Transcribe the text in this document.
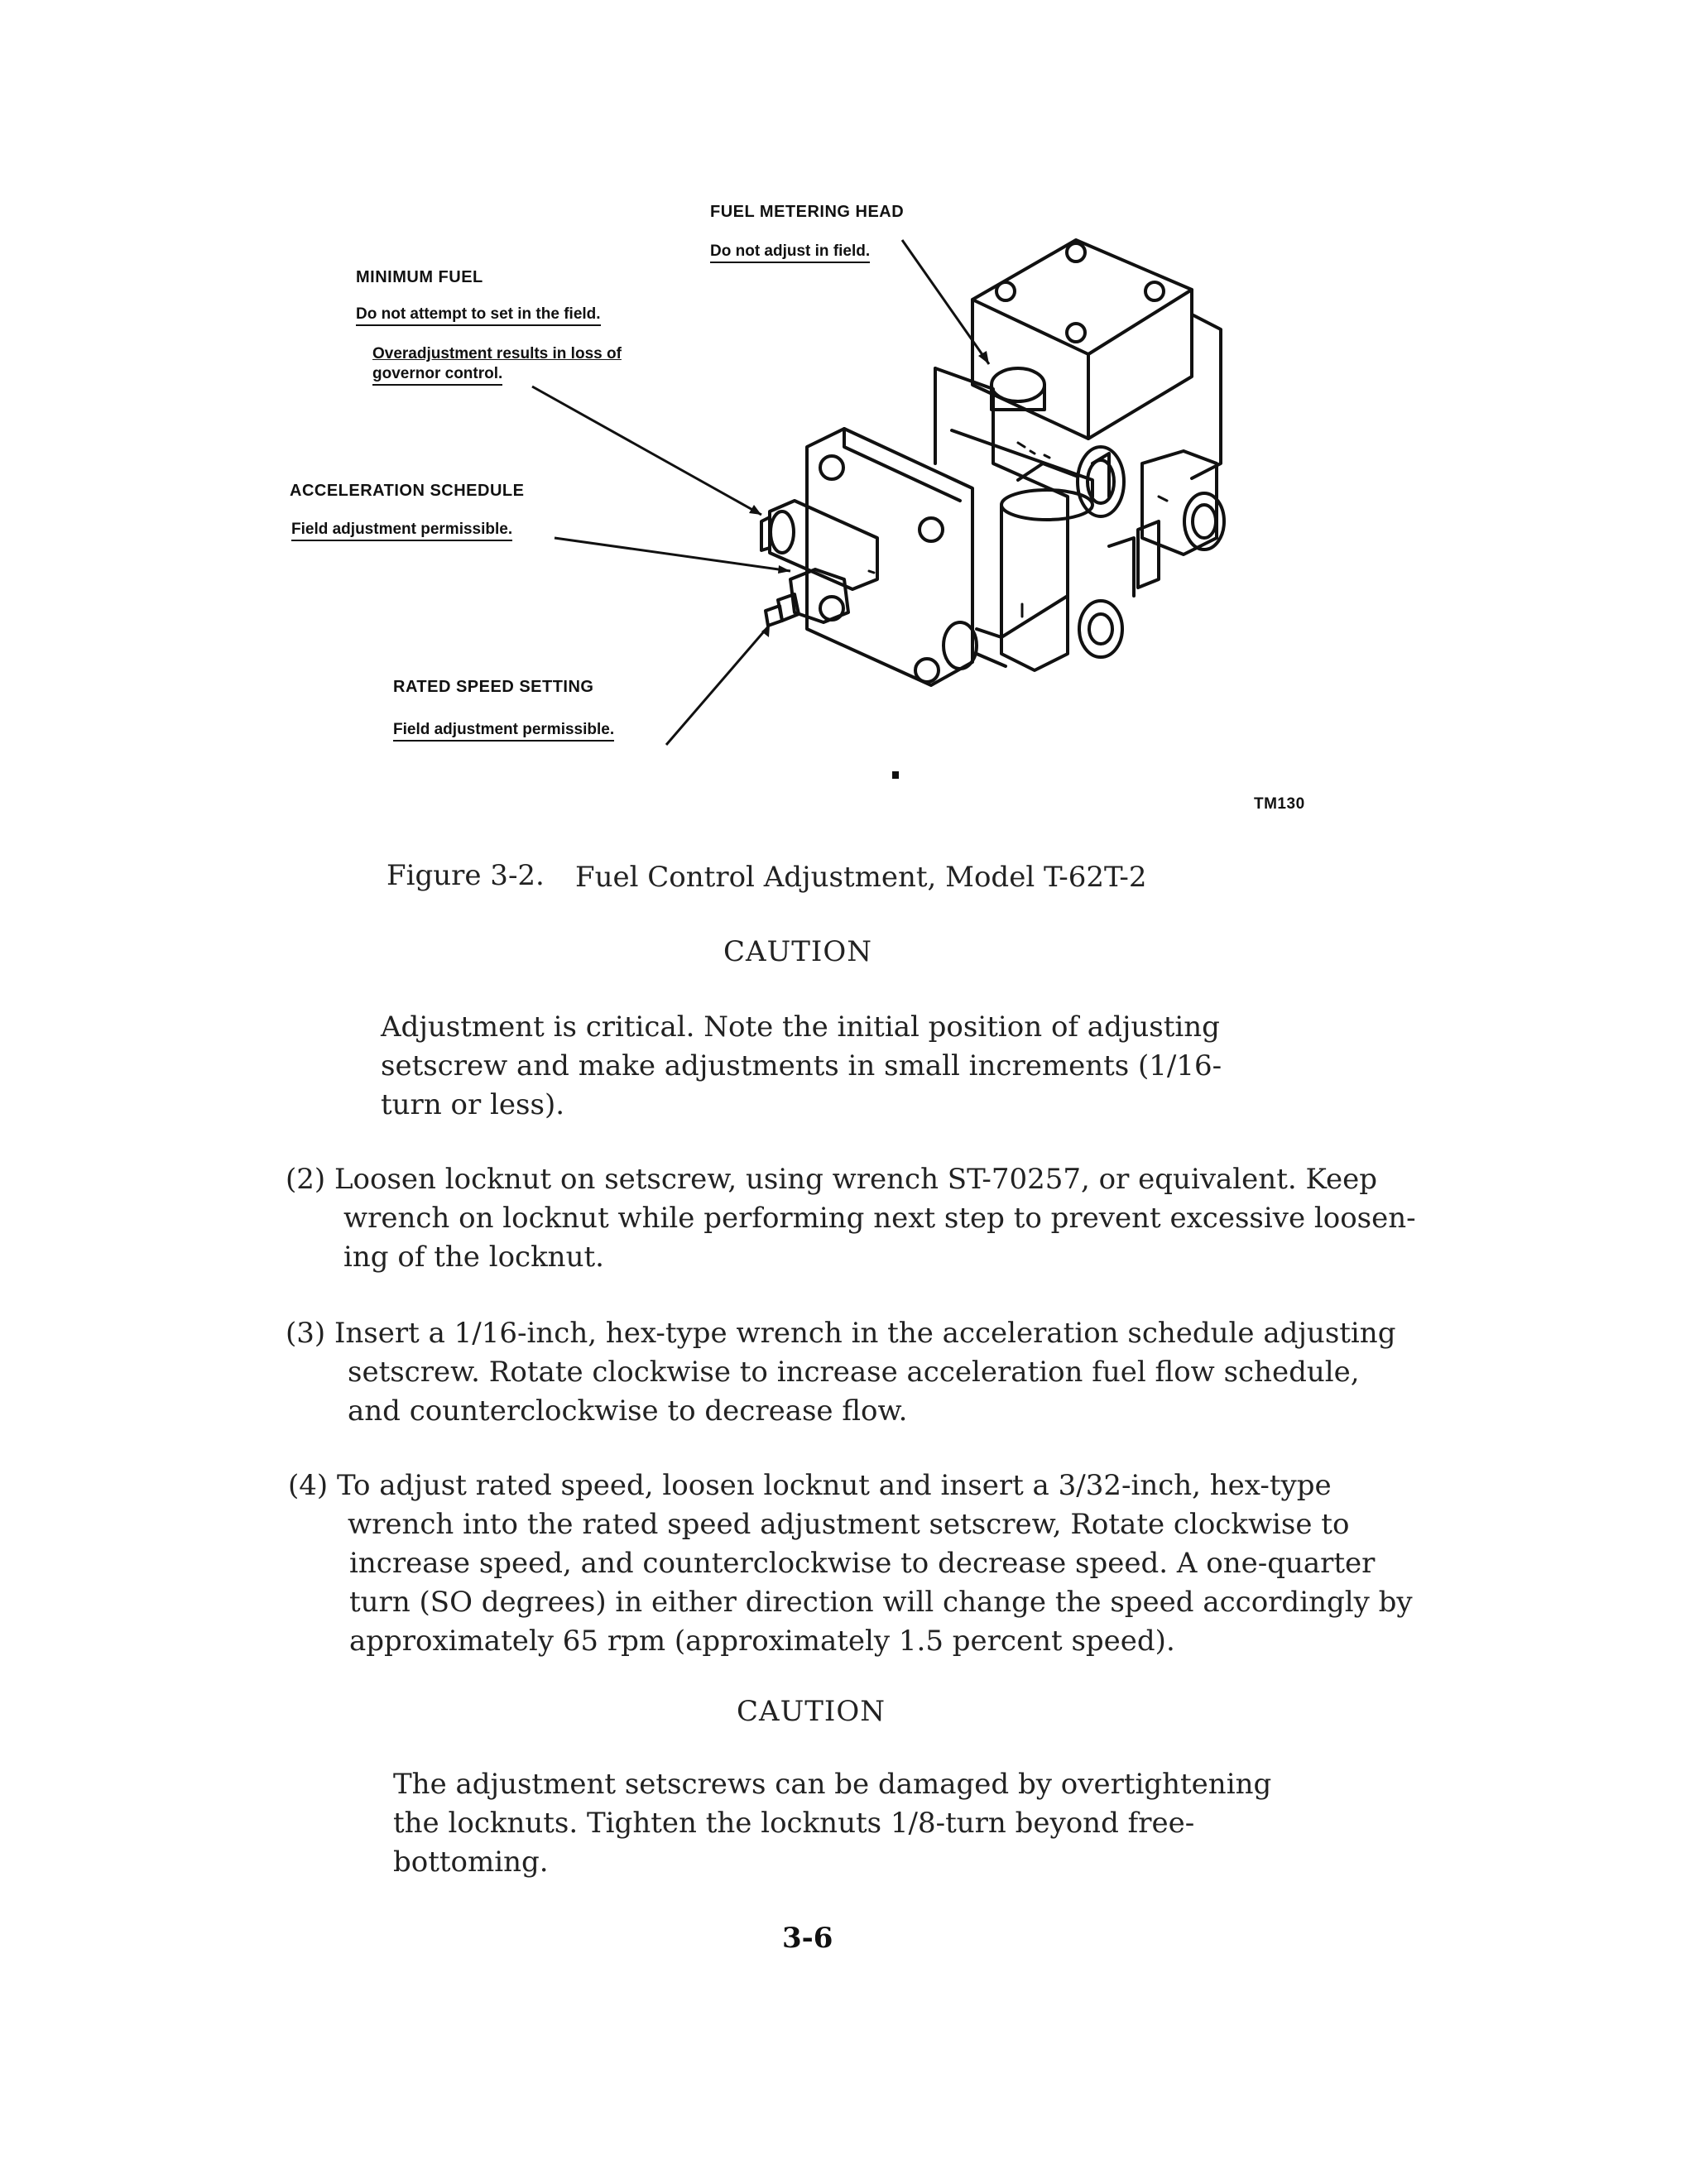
FUEL METERING HEAD
Do not adjust in field.
MINIMUM FUEL
Do not attempt to set in the field.
Overadjustment results in loss of
governor control.
ACCELERATION SCHEDULE
Field adjustment permissible.
RATED SPEED SETTING
Field adjustment permissible.
TM130
Figure 3-2. Fuel Control Adjustment, Model T-62T-2
CAUTION
Adjustment is critical. Note the initial position of adjusting
setscrew and make adjustments in small increments (1/16-
turn or less).
(2) Loosen locknut on setscrew, using wrench ST-70257, or equivalent. Keep
wrench on locknut while performing next step to prevent excessive loosen-
ing of the locknut.
(3) Insert a 1/16-inch, hex-type wrench in the acceleration schedule adjusting
setscrew. Rotate clockwise to increase acceleration fuel flow schedule,
and counterclockwise to decrease flow.
(4) To adjust rated speed, loosen locknut and insert a 3/32-inch, hex-type
wrench into the rated speed adjustment setscrew, Rotate clockwise to
increase speed, and counterclockwise to decrease speed. A one-quarter
turn (SO degrees) in either direction will change the speed accordingly by
approximately 65 rpm (approximately 1.5 percent speed).
CAUTION
The adjustment setscrews can be damaged by overtightening
the locknuts. Tighten the locknuts 1/8-turn beyond free-
bottoming.
3-6
